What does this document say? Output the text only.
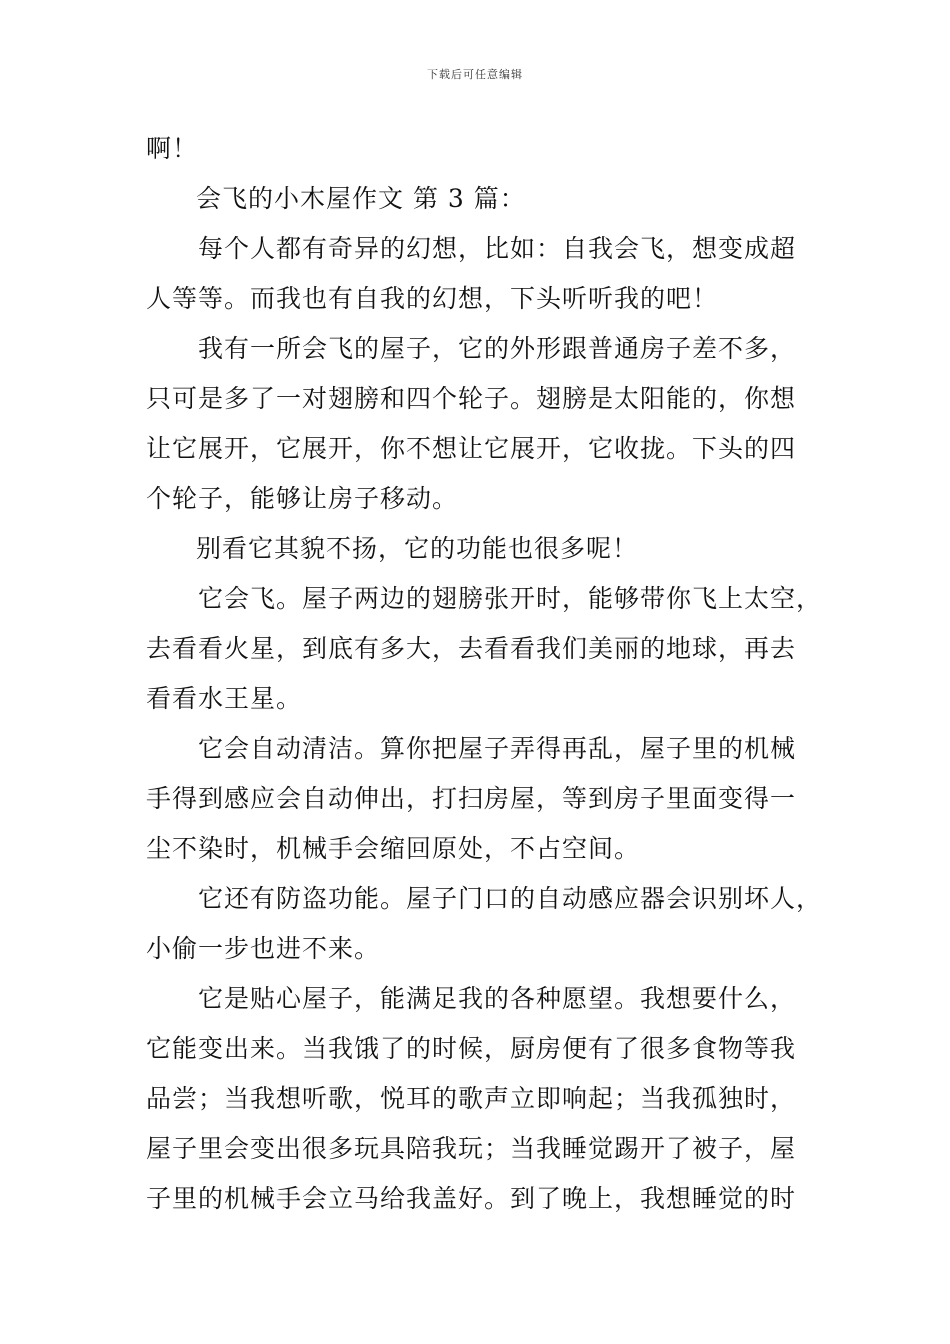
下载后可任意编辑
啊！
会飞的小木屋作文 第 3 篇：
每个人都有奇异的幻想，比如：自我会飞，想变成超
人等等。而我也有自我的幻想，下头听听我的吧！
我有一所会飞的屋子，它的外形跟普通房子差不多，
只可是多了一对翅膀和四个轮子。翅膀是太阳能的，你想
让它展开，它展开，你不想让它展开，它收拢。下头的四
个轮子，能够让房子移动。
别看它其貌不扬，它的功能也很多呢！
它会飞。屋子两边的翅膀张开时，能够带你飞上太空，
去看看火星，到底有多大，去看看我们美丽的地球，再去
看看水王星。
它会自动清洁。算你把屋子弄得再乱，屋子里的机械
手得到感应会自动伸出，打扫房屋，等到房子里面变得一
尘不染时，机械手会缩回原处，不占空间。
它还有防盗功能。屋子门口的自动感应器会识别坏人，
小偷一步也进不来。
它是贴心屋子，能满足我的各种愿望。我想要什么，
它能变出来。当我饿了的时候，厨房便有了很多食物等我
品尝；当我想听歌，悦耳的歌声立即响起；当我孤独时，
屋子里会变出很多玩具陪我玩；当我睡觉踢开了被子，屋
子里的机械手会立马给我盖好。到了晚上，我想睡觉的时
